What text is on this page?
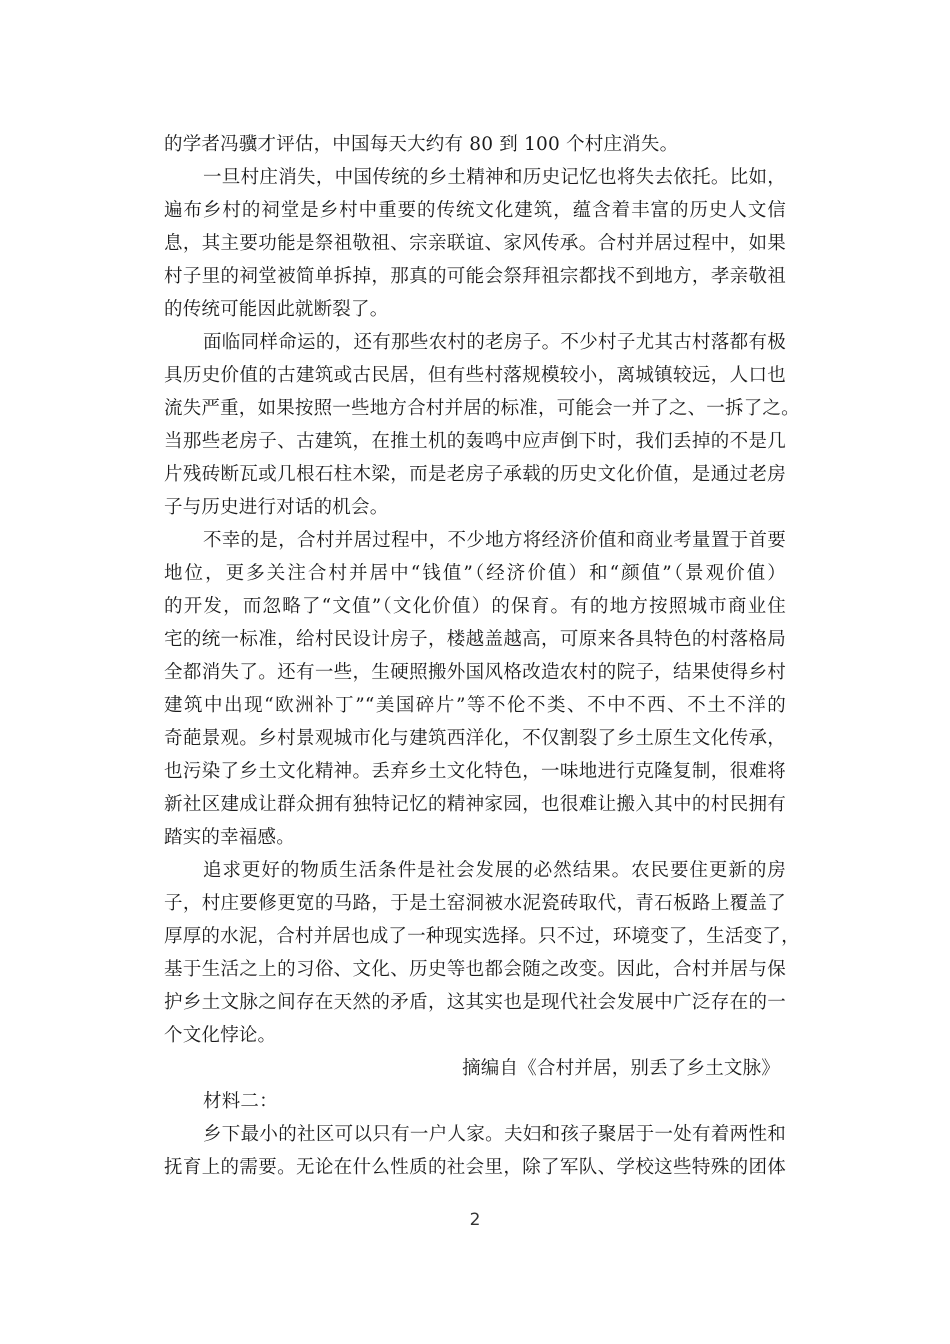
的学者冯骥才评估，中国每天大约有 80 到 100 个村庄消失。
一旦村庄消失，中国传统的乡土精神和历史记忆也将失去依托。比如，
遍布乡村的祠堂是乡村中重要的传统文化建筑，蕴含着丰富的历史人文信
息，其主要功能是祭祖敬祖、宗亲联谊、家风传承。合村并居过程中，如果
村子里的祠堂被简单拆掉，那真的可能会祭拜祖宗都找不到地方，孝亲敬祖
的传统可能因此就断裂了。
面临同样命运的，还有那些农村的老房子。不少村子尤其古村落都有极
具历史价值的古建筑或古民居，但有些村落规模较小，离城镇较远，人口也
流失严重，如果按照一些地方合村并居的标准，可能会一并了之、一拆了之。
当那些老房子、古建筑，在推土机的轰鸣中应声倒下时，我们丢掉的不是几
片残砖断瓦或几根石柱木梁，而是老房子承载的历史文化价值，是通过老房
子与历史进行对话的机会。
不幸的是，合村并居过程中，不少地方将经济价值和商业考量置于首要
地位，更多关注合村并居中“钱值”（经济价值）和“颜值”（景观价值）
的开发，而忽略了“文值”（文化价值）的保育。有的地方按照城市商业住
宅的统一标准，给村民设计房子，楼越盖越高，可原来各具特色的村落格局
全都消失了。还有一些，生硬照搬外国风格改造农村的院子，结果使得乡村
建筑中出现“欧洲补丁”“美国碎片”等不伦不类、不中不西、不土不洋的
奇葩景观。乡村景观城市化与建筑西洋化，不仅割裂了乡土原生文化传承，
也污染了乡土文化精神。丢弃乡土文化特色，一味地进行克隆复制，很难将
新社区建成让群众拥有独特记忆的精神家园，也很难让搬入其中的村民拥有
踏实的幸福感。
追求更好的物质生活条件是社会发展的必然结果。农民要住更新的房
子，村庄要修更宽的马路，于是土窑洞被水泥瓷砖取代，青石板路上覆盖了
厚厚的水泥，合村并居也成了一种现实选择。只不过，环境变了，生活变了，
基于生活之上的习俗、文化、历史等也都会随之改变。因此，合村并居与保
护乡土文脉之间存在天然的矛盾，这其实也是现代社会发展中广泛存在的一
个文化悖论。
摘编自《合村并居，别丢了乡土文脉》
材料二：
乡下最小的社区可以只有一户人家。夫妇和孩子聚居于一处有着两性和
抚育上的需要。无论在什么性质的社会里，除了军队、学校这些特殊的团体
2
